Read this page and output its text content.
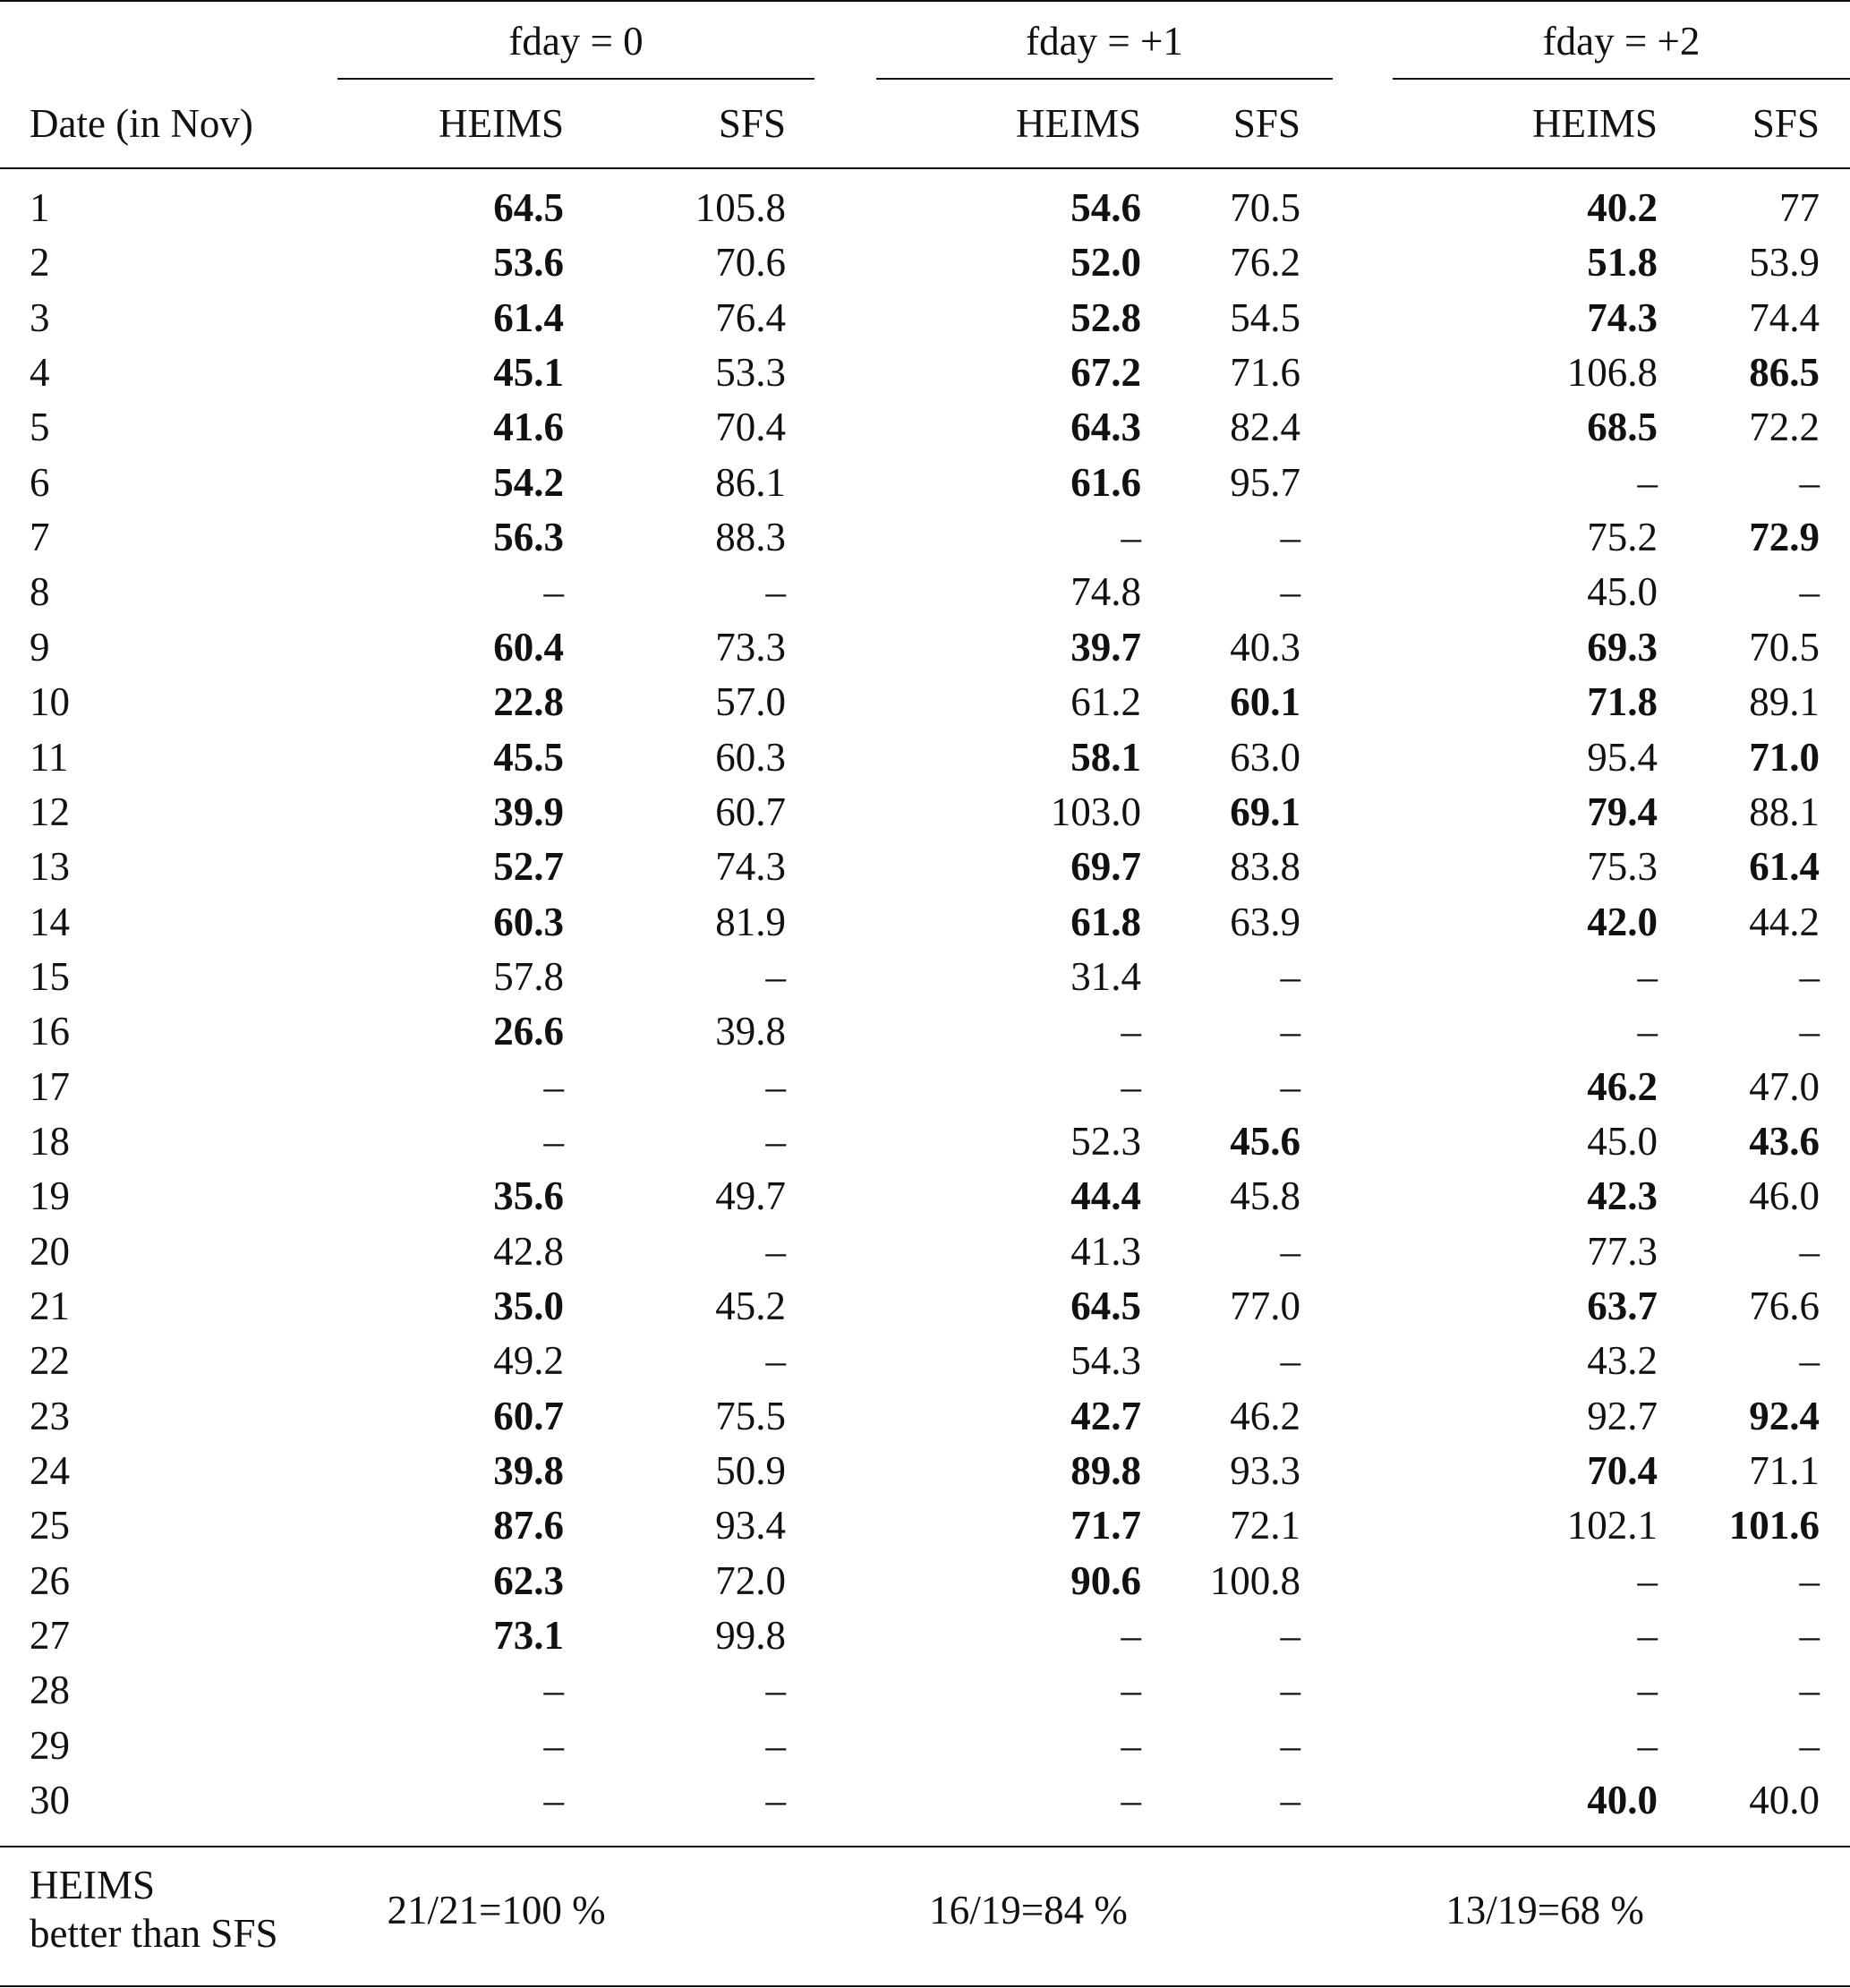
fday = 0	fday = +1	fday = +2
Date (in Nov)	HEIMS	SFS	HEIMS	SFS	HEIMS	SFS
1	64.5	105.8	54.6	70.5	40.2	77
2	53.6	70.6	52.0	76.2	51.8	53.9
3	61.4	76.4	52.8	54.5	74.3	74.4
4	45.1	53.3	67.2	71.6	106.8	86.5
5	41.6	70.4	64.3	82.4	68.5	72.2
6	54.2	86.1	61.6	95.7	–	–
7	56.3	88.3	–	–	75.2	72.9
8	–	–	74.8	–	45.0	–
9	60.4	73.3	39.7	40.3	69.3	70.5
10	22.8	57.0	61.2	60.1	71.8	89.1
11	45.5	60.3	58.1	63.0	95.4	71.0
12	39.9	60.7	103.0	69.1	79.4	88.1
13	52.7	74.3	69.7	83.8	75.3	61.4
14	60.3	81.9	61.8	63.9	42.0	44.2
15	57.8	–	31.4	–	–	–
16	26.6	39.8	–	–	–	–
17	–	–	–	–	46.2	47.0
18	–	–	52.3	45.6	45.0	43.6
19	35.6	49.7	44.4	45.8	42.3	46.0
20	42.8	–	41.3	–	77.3	–
21	35.0	45.2	64.5	77.0	63.7	76.6
22	49.2	–	54.3	–	43.2	–
23	60.7	75.5	42.7	46.2	92.7	92.4
24	39.8	50.9	89.8	93.3	70.4	71.1
25	87.6	93.4	71.7	72.1	102.1	101.6
26	62.3	72.0	90.6	100.8	–	–
27	73.1	99.8	–	–	–	–
28	–	–	–	–	–	–
29	–	–	–	–	–	–
30	–	–	–	–	40.0	40.0
HEIMS
better than SFS
21/21=100 %	16/19=84 %	13/19=68 %
